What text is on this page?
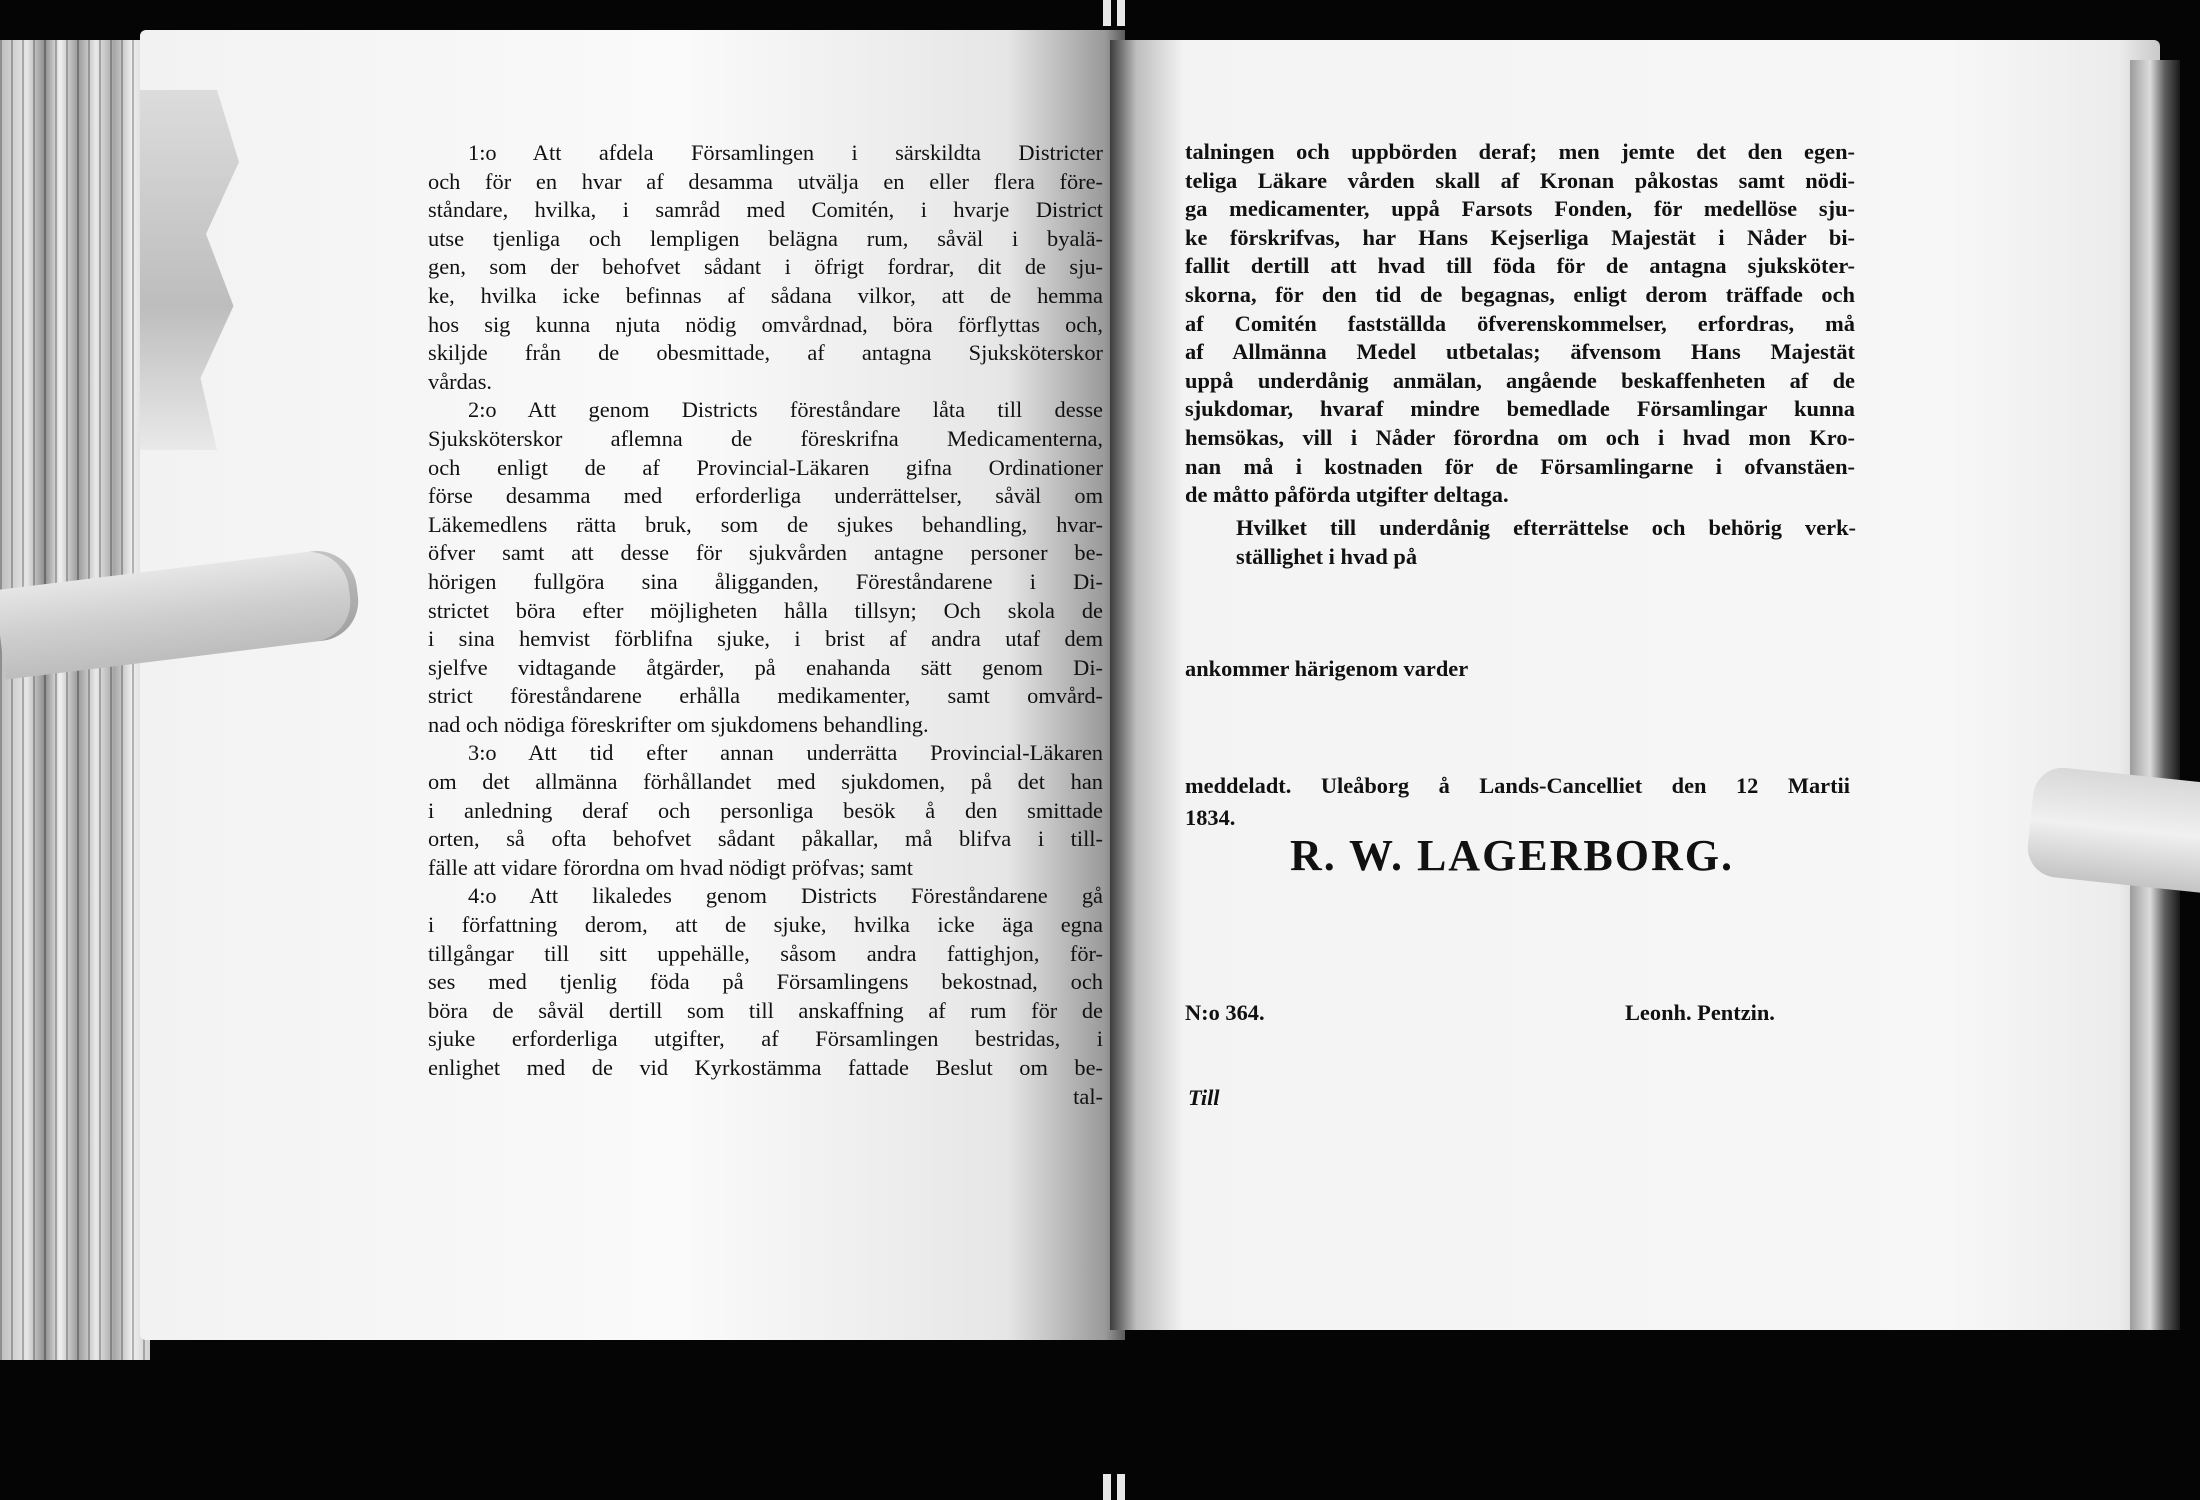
1:o Att afdela Församlingen i särskildta Districter
och för en hvar af desamma utvälja en eller flera före-
ståndare, hvilka, i samråd med Comitén, i hvarje District
utse tjenliga och lempligen belägna rum, såväl i byalä-
gen, som der behofvet sådant i öfrigt fordrar, dit de sju-
ke, hvilka icke befinnas af sådana vilkor, att de hemma
hos sig kunna njuta nödig omvårdnad, böra förflyttas och,
skiljde från de obesmittade, af antagna Sjuksköterskor
vårdas.
2:o Att genom Districts föreståndare låta till desse
Sjuksköterskor aflemna de föreskrifna Medicamenterna,
och enligt de af Provincial-Läkaren gifna Ordinationer
förse desamma med erforderliga underrättelser, såväl om
Läkemedlens rätta bruk, som de sjukes behandling, hvar-
öfver samt att desse för sjukvården antagne personer be-
hörigen fullgöra sina åligganden, Föreståndarene i Di-
strictet böra efter möjligheten hålla tillsyn; Och skola de
i sina hemvist förblifna sjuke, i brist af andra utaf dem
sjelfve vidtagande åtgärder, på enahanda sätt genom Di-
strict föreståndarene erhålla medikamenter, samt omvård-
nad och nödiga föreskrifter om sjukdomens behandling.
3:o Att tid efter annan underrätta Provincial-Läkaren
om det allmänna förhållandet med sjukdomen, på det han
i anledning deraf och personliga besök å den smittade
orten, så ofta behofvet sådant påkallar, må blifva i till-
fälle att vidare förordna om hvad nödigt pröfvas; samt
4:o Att likaledes genom Districts Föreståndarene gå
i författning derom, att de sjuke, hvilka icke äga egna
tillgångar till sitt uppehälle, såsom andra fattighjon, för-
ses med tjenlig föda på Församlingens bekostnad, och
böra de såväl dertill som till anskaffning af rum för de
sjuke erforderliga utgifter, af Församlingen bestridas, i
enlighet med de vid Kyrkostämma fattade Beslut om be-
tal-
talningen och uppbörden deraf; men jemte det den egen-
teliga Läkare vården skall af Kronan påkostas samt nödi-
ga medicamenter, uppå Farsots Fonden, för medellöse sju-
ke förskrifvas, har Hans Kejserliga Majestät i Nåder bi-
fallit dertill att hvad till föda för de antagna sjuksköter-
skorna, för den tid de begagnas, enligt derom träffade och
af Comitén fastställda öfverenskommelser, erfordras, må
af Allmänna Medel utbetalas; äfvensom Hans Majestät
uppå underdånig anmälan, angående beskaffenheten af de
sjukdomar, hvaraf mindre bemedlade Församlingar kunna
hemsökas, vill i Nåder förordna om och i hvad mon Kro-
nan må i kostnaden för de Församlingarne i ofvanstäen-
de måtto påförda utgifter deltaga.
Hvilket till underdånig efterrättelse och behörig verk-
ställighet i hvad på
ankommer härigenom varder
meddeladt. Uleåborg å Lands-Cancelliet den 12 Martii
1834.
R. W. LAGERBORG.
N:o 364.	Leonh. Pentzin.
Till
